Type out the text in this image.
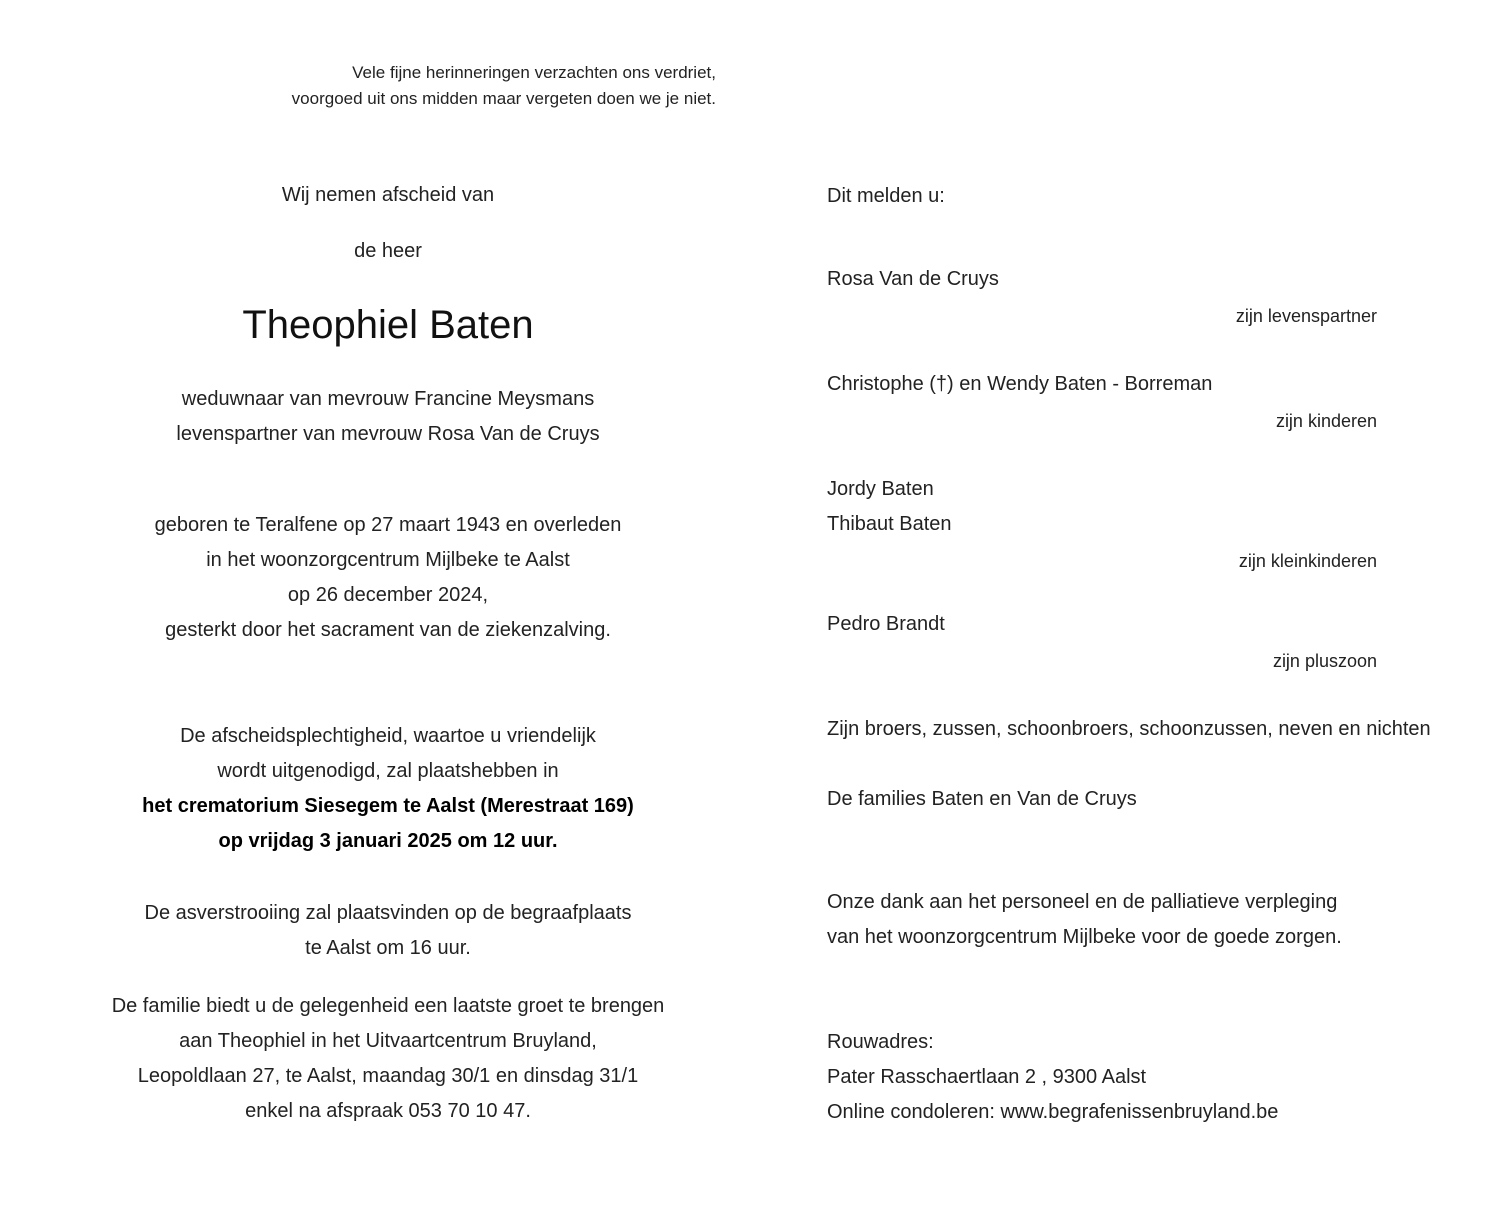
Vele fijne herinneringen verzachten ons verdriet,
voorgoed uit ons midden maar vergeten doen we je niet.
Wij nemen afscheid van
de heer
Theophiel Baten
weduwnaar van mevrouw Francine Meysmans
levenspartner van mevrouw Rosa Van de Cruys
geboren te Teralfene op 27 maart 1943 en overleden
in het woonzorgcentrum Mijlbeke te Aalst
op 26 december 2024,
gesterkt door het sacrament van de ziekenzalving.
De afscheidsplechtigheid, waartoe u vriendelijk
wordt uitgenodigd, zal plaatshebben in
het crematorium Siesegem te Aalst (Merestraat 169)
op vrijdag 3 januari 2025 om 12 uur.
De asverstrooiing zal plaatsvinden op de begraafplaats
te Aalst om 16 uur.
De familie biedt u de gelegenheid een laatste groet te brengen
aan Theophiel in het Uitvaartcentrum Bruyland,
Leopoldlaan 27, te Aalst, maandag 30/1 en dinsdag 31/1
enkel na afspraak 053 70 10 47.
Dit melden u:
Rosa Van de Cruys
zijn levenspartner
Christophe (†) en Wendy Baten - Borreman
zijn kinderen
Jordy Baten
Thibaut Baten
zijn kleinkinderen
Pedro Brandt
zijn pluszoon
Zijn broers, zussen, schoonbroers, schoonzussen, neven en nichten
De families Baten en Van de Cruys
Onze dank aan het personeel en de palliatieve verpleging
van het woonzorgcentrum Mijlbeke voor de goede zorgen.
Rouwadres:
Pater Rasschaertlaan 2 , 9300 Aalst
Online condoleren: www.begrafenissenbruyland.be
